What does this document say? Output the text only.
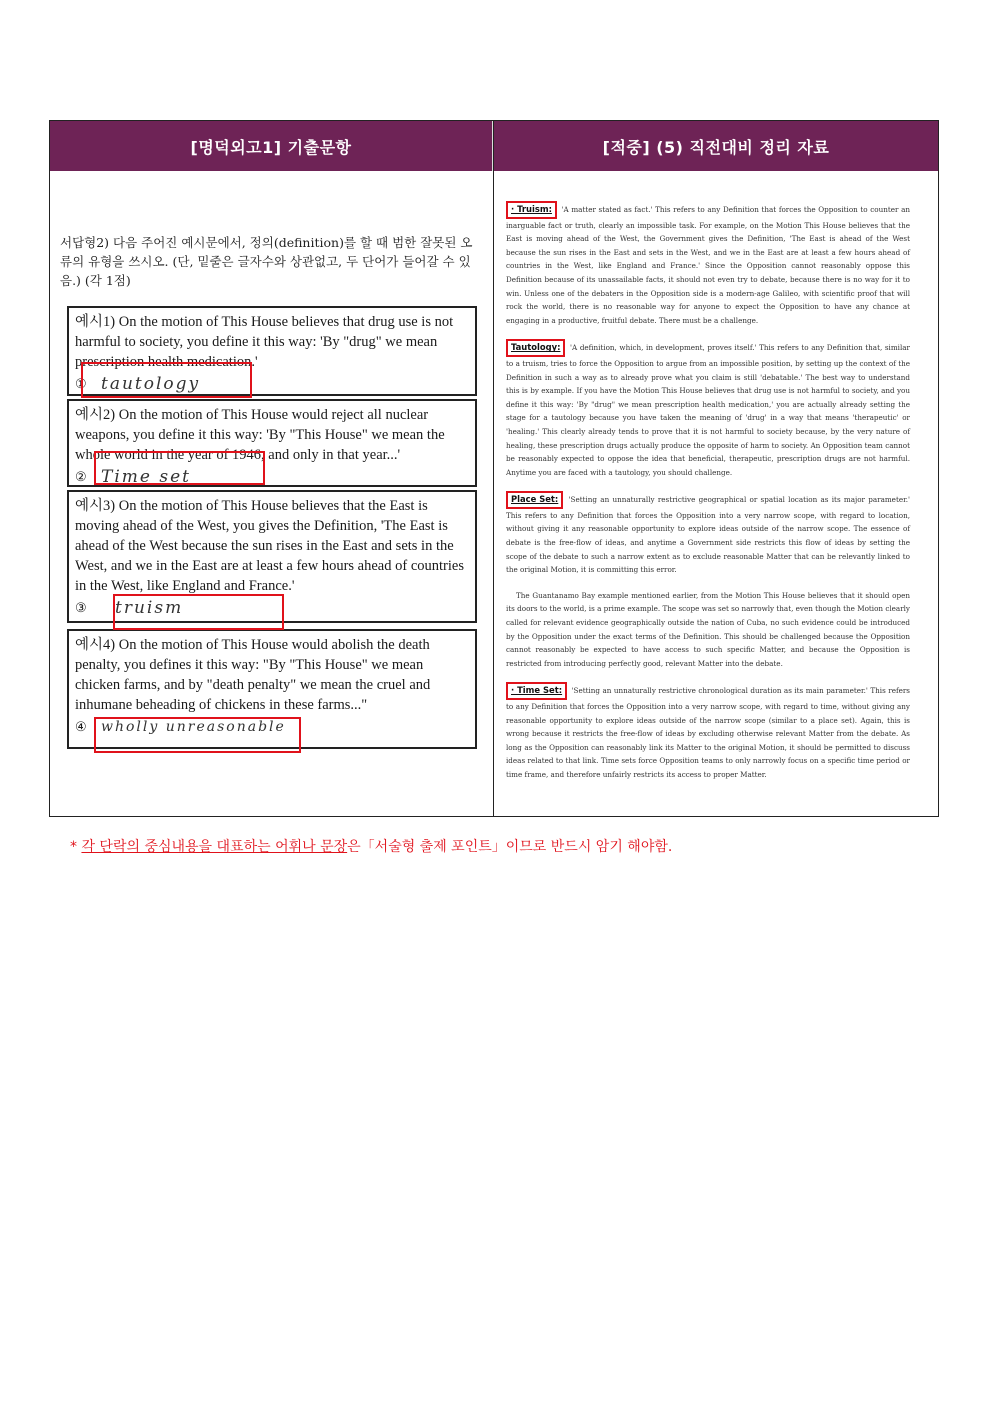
[명덕외고1] 기출문항	[적중] (5) 직전대비 정리 자료
서답형2) 다음 주어진 예시문에서, 정의(definition)를 할 때 범한 잘못된 오류의 유형을 쓰시오. (단, 밑줄은 글자수와 상관없고, 두 단어가 들어갈 수 있음.) (각 1점)
예시1) On the motion of This House believes that drug use is not harmful to society, you define it this way: 'By "drug" we mean prescription health medication.'
① tautology
예시2) On the motion of This House would reject all nuclear weapons, you define it this way: 'By "This House" we mean the whole world in the year of 1946, and only in that year...'
② Time set
예시3) On the motion of This House believes that the East is moving ahead of the West, you gives the Definition, 'The East is ahead of the West because the sun rises in the East and sets in the West, and we in the East are at least a few hours ahead of countries in the West, like England and France.'
③ truism
예시4) On the motion of This House would abolish the death penalty, you defines it this way: "By "This House" we mean chicken farms, and by "death penalty" we mean the cruel and inhumane beheading of chickens in these farms..."
④ wholly unreasonable
· Truism: 'A matter stated as fact.' This refers to any Definition that forces the Opposition to counter an inarguable fact or truth, clearly an impossible task. For example, on the Motion This House believes that the East is moving ahead of the West, the Government gives the Definition, 'The East is ahead of the West because the sun rises in the East and sets in the West, and we in the East are at least a few hours ahead of countries in the West, like England and France.' Since the Opposition cannot reasonably oppose this Definition because of its unassailable facts, it should not even try to debate, because there is no way for it to win. Unless one of the debaters in the Opposition side is a modern-age Galileo, with scientific proof that will rock the world, there is no reasonable way for anyone to expect the Opposition to have any chance at engaging in a productive, fruitful debate. There must be a challenge.
Tautology: 'A definition, which, in development, proves itself.' This refers to any Definition that, similar to a truism, tries to force the Opposition to argue from an impossible position, by setting up the context of the Definition in such a way as to already prove what you claim is still 'debatable.' The best way to understand this is by example. If you have the Motion This House believes that drug use is not harmful to society, and you define it this way: 'By "drug" we mean prescription health medication,' you are actually already setting the stage for a tautology because you have taken the meaning of 'drug' in a way that means 'therapeutic' or 'healing.' This clearly already tends to prove that it is not harmful to society because, by the very nature of healing, these prescription drugs actually produce the opposite of harm to society. An Opposition team cannot be reasonably expected to oppose the idea that beneficial, therapeutic, prescription drugs are not harmful. Anytime you are faced with a tautology, you should challenge.
Place Set: 'Setting an unnaturally restrictive geographical or spatial location as its major parameter.' This refers to any Definition that forces the Opposition into a very narrow scope, with regard to location, without giving it any reasonable opportunity to explore ideas outside of the narrow scope. The essence of debate is the free-flow of ideas, and anytime a Government side restricts this flow of ideas by setting the scope of the debate to such a narrow extent as to exclude reasonable Matter that can be relevantly linked to the original Motion, it is committing this error.
The Guantanamo Bay example mentioned earlier, from the Motion This House believes that it should open its doors to the world, is a prime example. The scope was set so narrowly that, even though the Motion clearly called for relevant evidence geographically outside the nation of Cuba, no such evidence could be introduced by the Opposition under the exact terms of the Definition. This should be challenged because the Opposition cannot reasonably be expected to have access to such specific Matter, and because the Opposition is restricted from introducing perfectly good, relevant Matter into the debate.
· Time Set: 'Setting an unnaturally restrictive chronological duration as its main parameter.' This refers to any Definition that forces the Opposition into a very narrow scope, with regard to time, without giving any reasonable opportunity to explore ideas outside of the narrow scope (similar to a place set). Again, this is wrong because it restricts the free-flow of ideas by excluding otherwise relevant Matter from the debate. As long as the Opposition can reasonably link its Matter to the original Motion, it should be permitted to discuss ideas related to that link. Time sets force Opposition teams to only narrowly focus on a specific time period or time frame, and therefore unfairly restricts its access to proper Matter.
* 각 단락의 중심내용을 대표하는 어휘나 문장은「서술형 출제 포인트」이므로 반드시 암기 해야함.
